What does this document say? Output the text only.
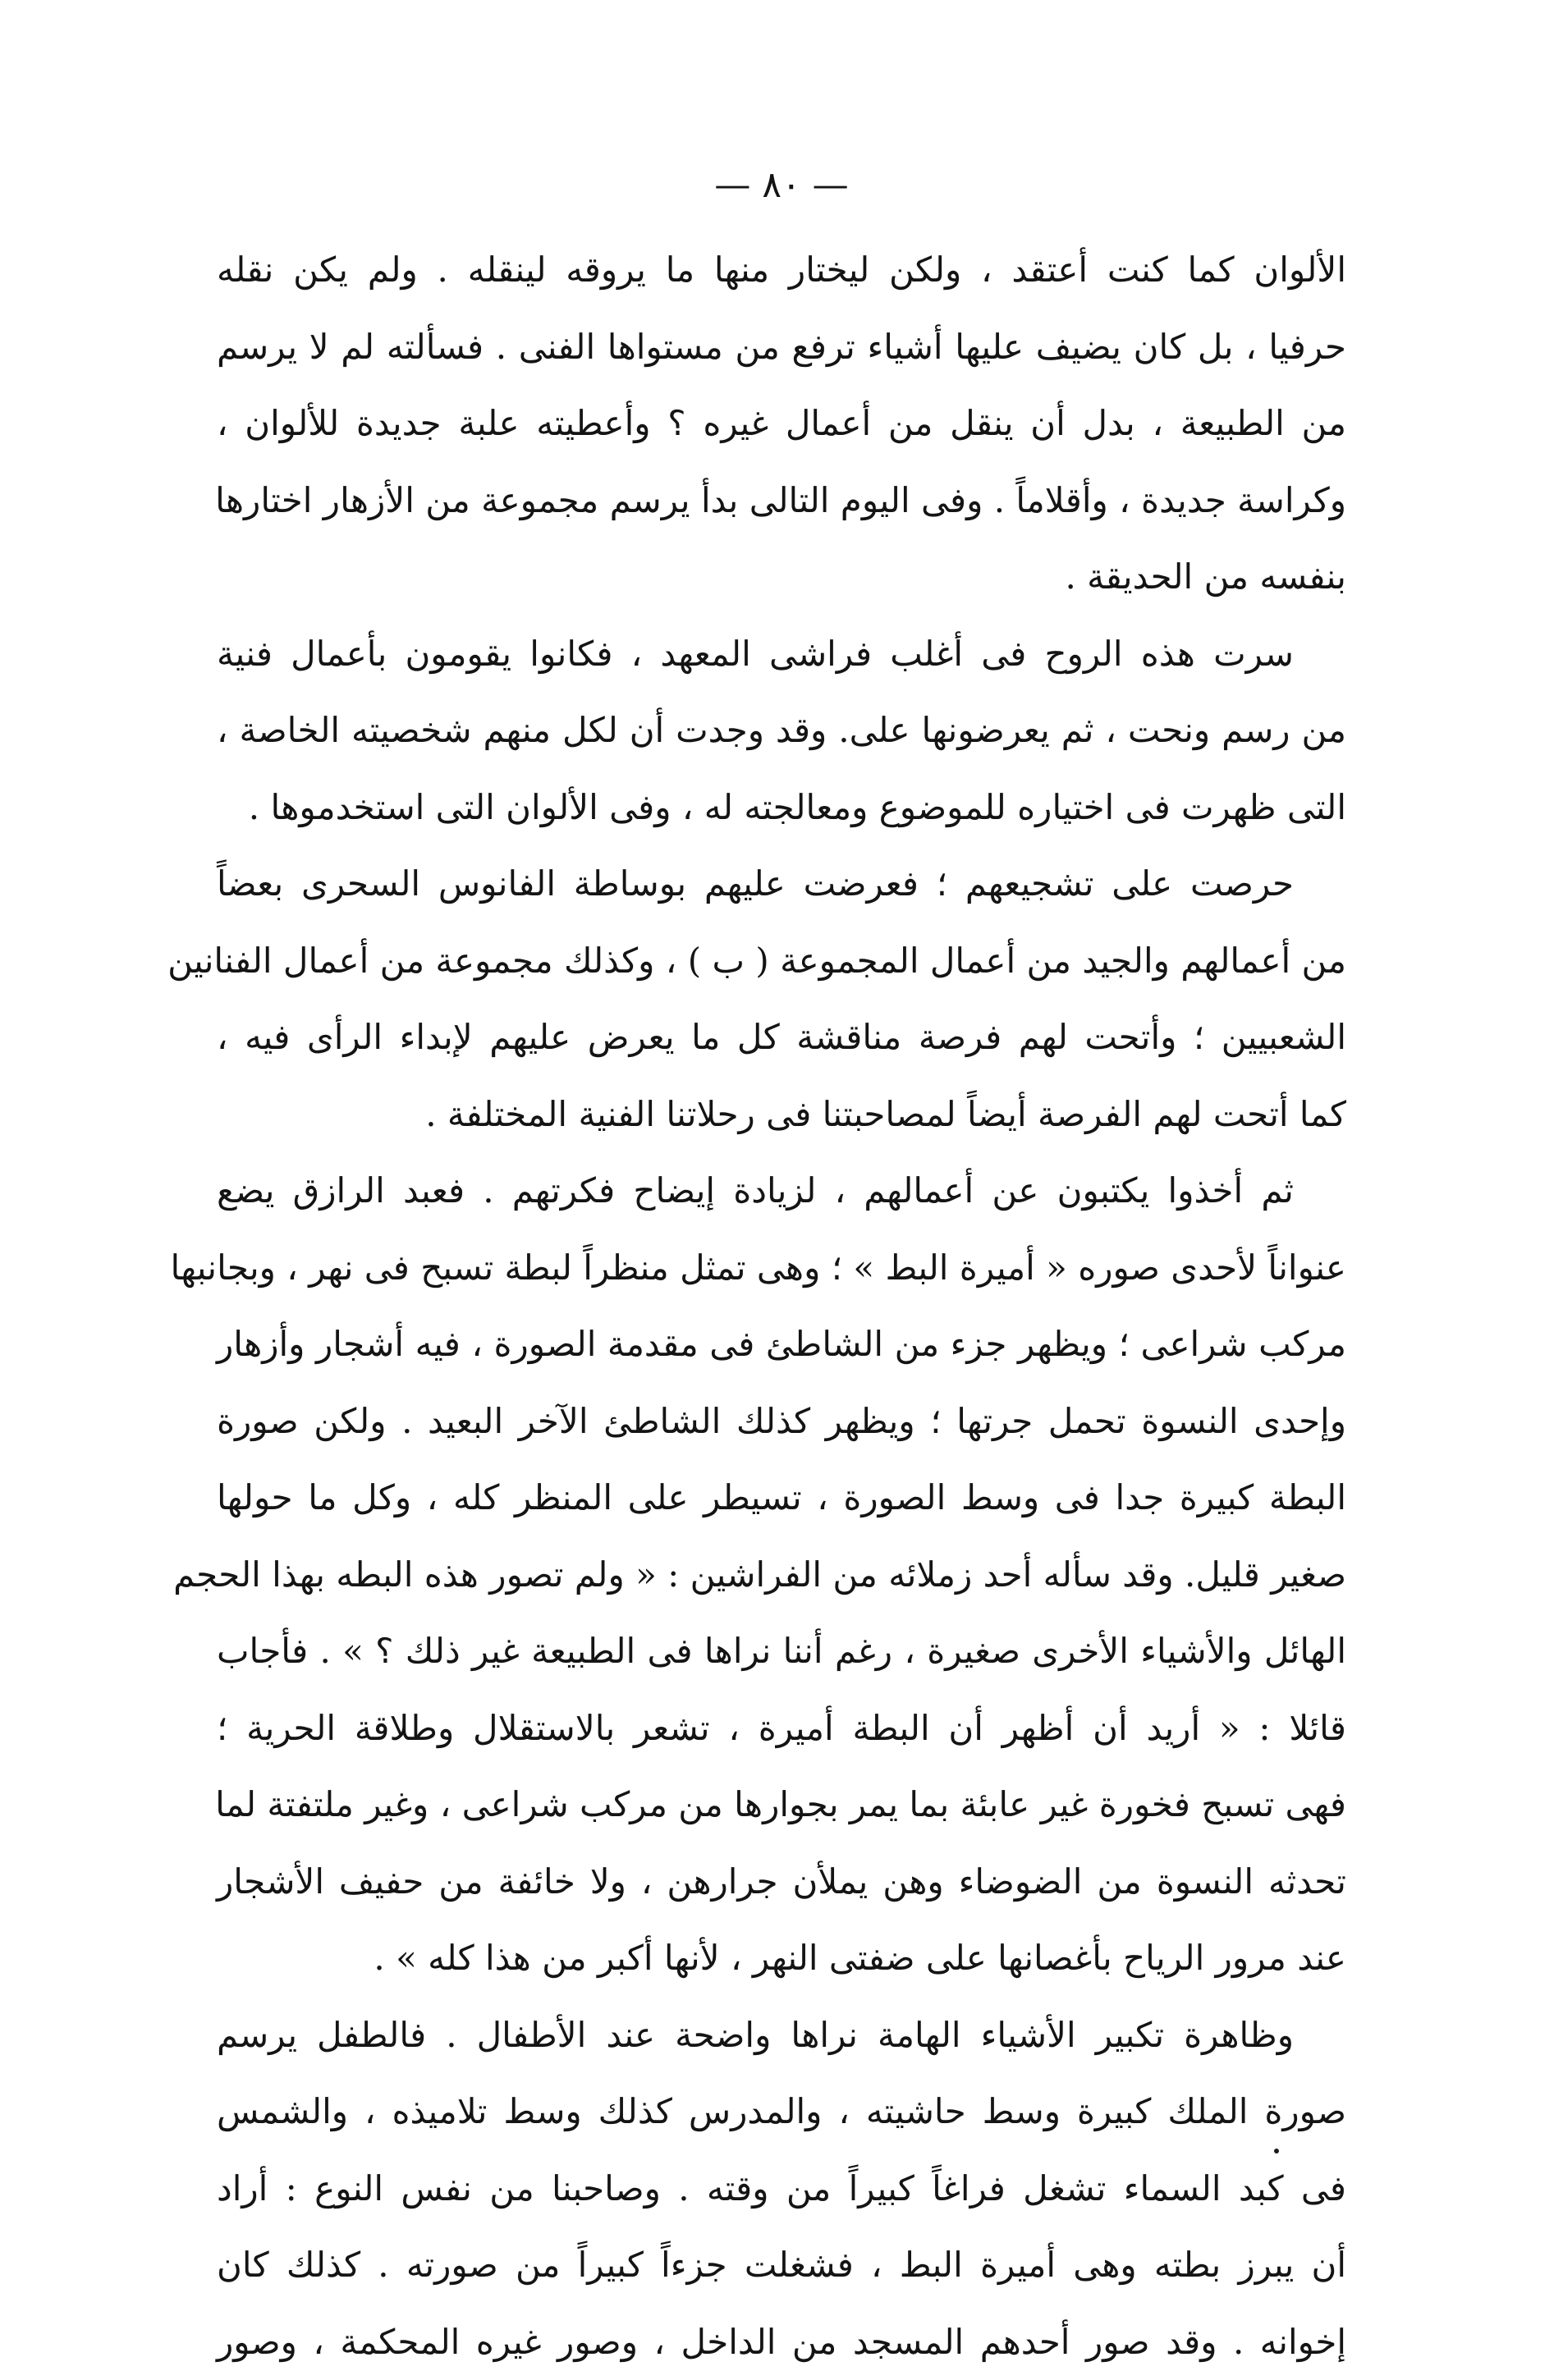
— ٨٠ —
الألوان كما كنت أعتقد ، ولكن ليختار منها ما يروقه لينقله . ولم يكن نقله
حرفيا ، بل كان يضيف عليها أشياء ترفع من مستواها الفنى . فسألته لم لا يرسم
من الطبيعة ، بدل أن ينقل من أعمال غيره ؟ وأعطيته علبة جديدة للألوان ،
وكراسة جديدة ، وأقلاماً . وفى اليوم التالى بدأ يرسم مجموعة من الأزهار اختارها
بنفسه من الحديقة .
سرت هذه الروح فى أغلب فراشى المعهد ، فكانوا يقومون بأعمال فنية
من رسم ونحت ، ثم يعرضونها على. وقد وجدت أن لكل منهم شخصيته الخاصة ،
التى ظهرت فى اختياره للموضوع ومعالجته له ، وفى الألوان التى استخدموها .
حرصت على تشجيعهم ؛ فعرضت عليهم بوساطة الفانوس السحرى بعضاً
من أعمالهم والجيد من أعمال المجموعة ( ب ) ، وكذلك مجموعة من أعمال الفنانين
الشعبيين ؛ وأتحت لهم فرصة مناقشة كل ما يعرض عليهم لإبداء الرأى فيه ،
كما أتحت لهم الفرصة أيضاً لمصاحبتنا فى رحلاتنا الفنية المختلفة .
ثم أخذوا يكتبون عن أعمالهم ، لزيادة إيضاح فكرتهم . فعبد الرازق يضع
عنواناً لأحدى صوره « أميرة البط » ؛ وهى تمثل منظراً لبطة تسبح فى نهر ، وبجانبها
مركب شراعى ؛ ويظهر جزء من الشاطئ فى مقدمة الصورة ، فيه أشجار وأزهار
وإحدى النسوة تحمل جرتها ؛ ويظهر كذلك الشاطئ الآخر البعيد . ولكن صورة
البطة كبيرة جدا فى وسط الصورة ، تسيطر على المنظر كله ، وكل ما حولها
صغير قليل. وقد سأله أحد زملائه من الفراشين : « ولم تصور هذه البطه بهذا الحجم
الهائل والأشياء الأخرى صغيرة ، رغم أننا نراها فى الطبيعة غير ذلك ؟ » . فأجاب
قائلا : « أريد أن أظهر أن البطة أميرة ، تشعر بالاستقلال وطلاقة الحرية ؛
فهى تسبح فخورة غير عابئة بما يمر بجوارها من مركب شراعى ، وغير ملتفتة لما
تحدثه النسوة من الضوضاء وهن يملأن جرارهن ، ولا خائفة من حفيف الأشجار
عند مرور الرياح بأغصانها على ضفتى النهر ، لأنها أكبر من هذا كله » .
وظاهرة تكبير الأشياء الهامة نراها واضحة عند الأطفال . فالطفل يرسم
صورة الملك كبيرة وسط حاشيته ، والمدرس كذلك وسط تلاميذه ، والشمس
فى كبد السماء تشغل فراغاً كبيراً من وقته . وصاحبنا من نفس النوع : أراد
أن يبرز بطته وهى أميرة البط ، فشغلت جزءاً كبيراً من صورته . كذلك كان
إخوانه . وقد صور أحدهم المسجد من الداخل ، وصور غيره المحكمة ، وصور
